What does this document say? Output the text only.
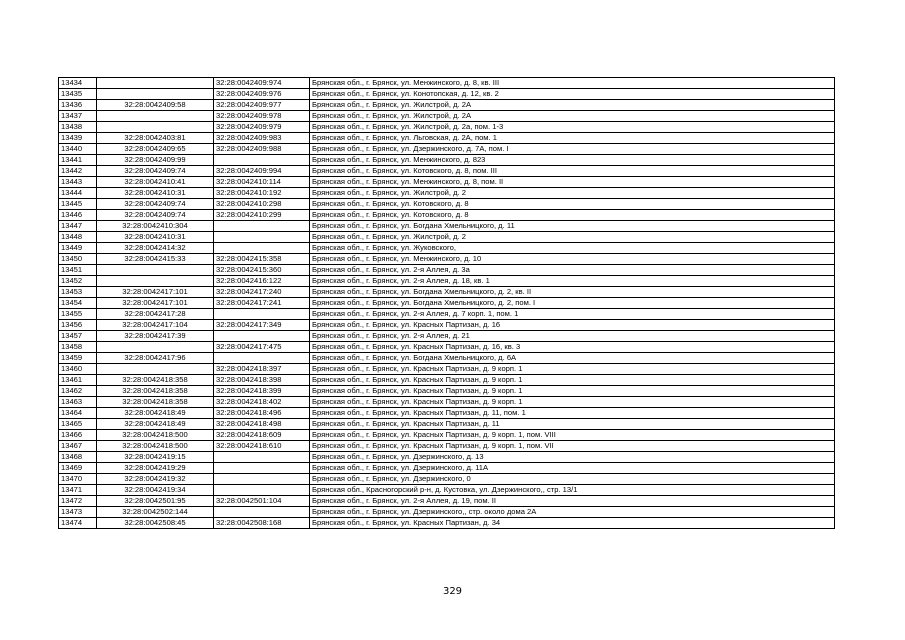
13434		32:28:0042409:974	Брянская обл., г. Брянск, ул. Менжинского, д. 8, кв. III
13435		32:28:0042409:976	Брянская обл., г. Брянск, ул. Конотопская, д. 12, кв. 2
13436	32:28:0042409:58	32:28:0042409:977	Брянская обл., г. Брянск, ул. Жилстрой, д. 2А
13437		32:28:0042409:978	Брянская обл., г. Брянск, ул. Жилстрой, д. 2А
13438		32:28:0042409:979	Брянская обл., г. Брянск, ул. Жилстрой, д. 2а, пом. 1-3
13439	32:28:0042403:81	32:28:0042409:983	Брянская обл., г. Брянск, ул. Льговская, д. 2А, пом. 1
13440	32:28:0042409:65	32:28:0042409:988	Брянская обл., г. Брянск, ул. Дзержинского, д. 7А, пом. I
13441	32:28:0042409:99		Брянская обл., г. Брянск, ул. Менжинского, д. 823
13442	32:28:0042409:74	32:28:0042409:994	Брянская обл., г. Брянск, ул. Котовского, д. 8, пом. III
13443	32:28:0042410:41	32:28:0042410:114	Брянская обл., г. Брянск, ул. Менжинского, д. 8, пом. II
13444	32:28:0042410:31	32:28:0042410:192	Брянская обл., г. Брянск, ул. Жилстрой, д. 2
13445	32:28:0042409:74	32:28:0042410:298	Брянская обл., г. Брянск, ул. Котовского, д. 8
13446	32:28:0042409:74	32:28:0042410:299	Брянская обл., г. Брянск, ул. Котовского, д. 8
13447	32:28:0042410:304		Брянская обл., г. Брянск, ул. Богдана Хмельницкого, д. 11
13448	32:28:0042410:31		Брянская обл., г. Брянск, ул. Жилстрой, д. 2
13449	32:28:0042414:32		Брянская обл., г. Брянск, ул. Жуковского,
13450	32:28:0042415:33	32:28:0042415:358	Брянская обл., г. Брянск, ул. Менжинского, д. 10
13451		32:28:0042415:360	Брянская обл., г. Брянск, ул. 2-я Аллея, д. 3а
13452		32:28:0042416:122	Брянская обл., г. Брянск, ул. 2-я Аллея, д. 18, кв. 1
13453	32:28:0042417:101	32:28:0042417:240	Брянская обл., г. Брянск, ул. Богдана Хмельницкого, д. 2, кв. II
13454	32:28:0042417:101	32:28:0042417:241	Брянская обл., г. Брянск, ул. Богдана Хмельницкого, д. 2, пом. I
13455	32:28:0042417:28		Брянская обл., г. Брянск, ул. 2-я Аллея, д. 7 корп. 1, пом. 1
13456	32:28:0042417:104	32:28:0042417:349	Брянская обл., г. Брянск, ул. Красных Партизан, д. 16
13457	32:28:0042417:39		Брянская обл., г. Брянск, ул. 2-я Аллея, д. 21
13458		32:28:0042417:475	Брянская обл., г. Брянск, ул. Красных Партизан, д. 16, кв. 3
13459	32:28:0042417:96		Брянская обл., г. Брянск, ул. Богдана Хмельницкого, д. 6А
13460		32:28:0042418:397	Брянская обл., г. Брянск, ул. Красных Партизан, д. 9 корп. 1
13461	32:28:0042418:358	32:28:0042418:398	Брянская обл., г. Брянск, ул. Красных Партизан, д. 9 корп. 1
13462	32:28:0042418:358	32:28:0042418:399	Брянская обл., г. Брянск, ул. Красных Партизан, д. 9 корп. 1
13463	32:28:0042418:358	32:28:0042418:402	Брянская обл., г. Брянск, ул. Красных Партизан, д. 9 корп. 1
13464	32:28:0042418:49	32:28:0042418:496	Брянская обл., г. Брянск, ул. Красных Партизан, д. 11, пом. 1
13465	32:28:0042418:49	32:28:0042418:498	Брянская обл., г. Брянск, ул. Красных Партизан, д. 11
13466	32:28:0042418:500	32:28:0042418:609	Брянская обл., г. Брянск, ул. Красных Партизан, д. 9 корп. 1, пом. VIII
13467	32:28:0042418:500	32:28:0042418:610	Брянская обл., г. Брянск, ул. Красных Партизан, д. 9 корп. 1, пом. VII
13468	32:28:0042419:15		Брянская обл., г. Брянск, ул. Дзержинского, д. 13
13469	32:28:0042419:29		Брянская обл., г. Брянск, ул. Дзержинского, д. 11А
13470	32:28:0042419:32		Брянская обл., г. Брянск, ул. Дзержинского, 0
13471	32:28:0042419:34		Брянская обл., Красногорский р-н, д. Кустовка, ул. Дзержинского,, стр. 13/1
13472	32:28:0042501:95	32:28:0042501:104	Брянская обл., г. Брянск, ул. 2-я Аллея, д. 19, пом. II
13473	32:28:0042502:144		Брянская обл., г. Брянск, ул. Дзержинского,, стр. около дома 2А
13474	32:28:0042508:45	32:28:0042508:168	Брянская обл., г. Брянск, ул. Красных Партизан, д. 34
329
